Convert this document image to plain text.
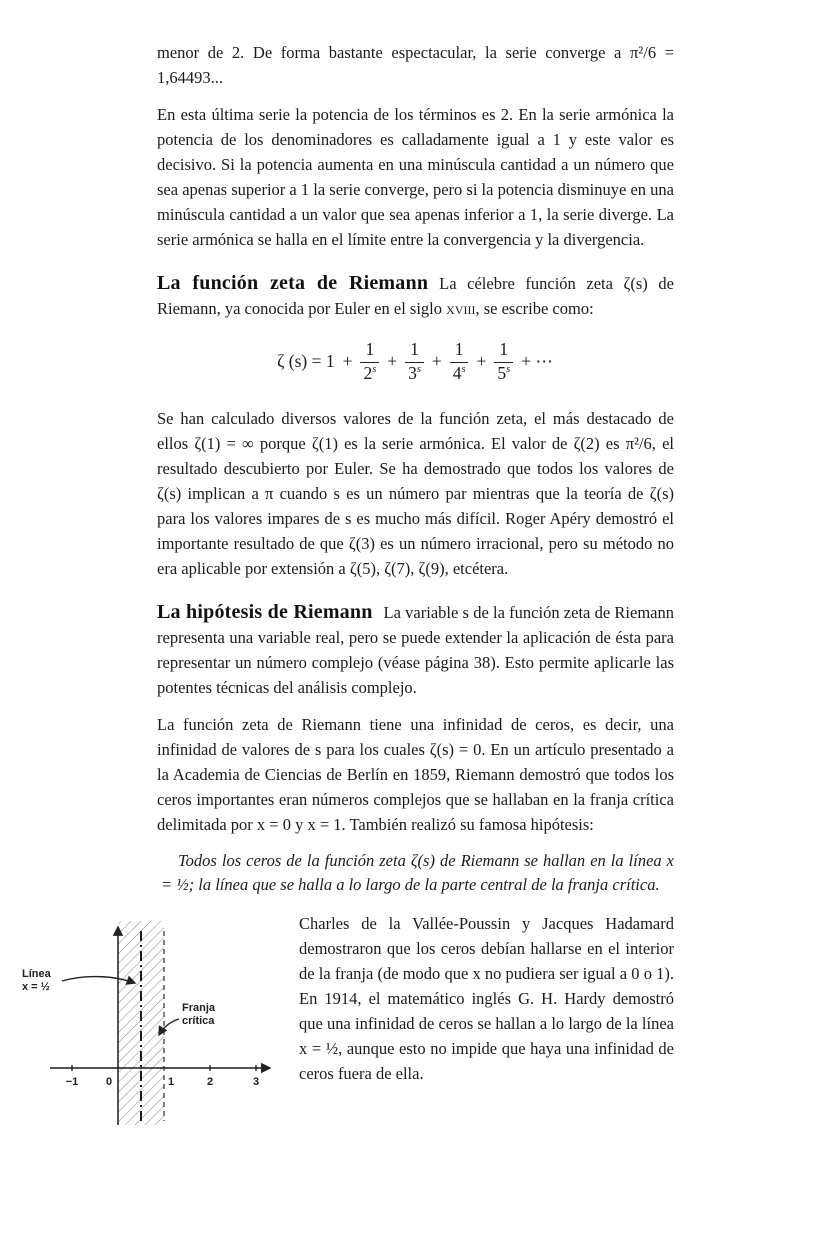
menor de 2. De forma bastante espectacular, la serie converge a π²/6 = 1,64493...

En esta última serie la potencia de los términos es 2. En la serie armónica la potencia de los denominadores es calladamente igual a 1 y este valor es decisivo. Si la potencia aumenta en una minúscula cantidad a un número que sea apenas superior a 1 la serie converge, pero si la potencia disminuye en una minúscula cantidad a un valor que sea apenas inferior a 1, la serie diverge. La serie armónica se halla en el límite entre la convergencia y la divergencia.

La función zeta de Riemann La célebre función zeta ζ(s) de Riemann, ya conocida por Euler en el siglo xviii, se escribe como:

ζ $(s) = 1 + \frac{1}{2^s} + \frac{1}{3^s} + \frac{1}{4^s} + \frac{1}{5^s}$ + ⋯

Se han calculado diversos valores de la función zeta, el más destacado de ellos ζ(1) = ∞ porque ζ(1) es la serie armónica. El valor de ζ(2) es π²/6, el resultado descubierto por Euler. Se ha demostrado que todos los valores de ζ(s) implican a π cuando s es un número par mientras que la teoría de ζ(s) para los valores impares de s es mucho más difícil. Roger Apéry demostró el importante resultado de que ζ(3) es un número irracional, pero su método no era aplicable por extensión a ζ(5), ζ(7), ζ(9), etcétera.

La hipótesis de Riemann La variable s de la función zeta de Riemann representa una variable real, pero se puede extender la aplicación de ésta para representar un número complejo (véase página 38). Esto permite aplicarle las potentes técnicas del análisis complejo.

La función zeta de Riemann tiene una infinidad de ceros, es decir, una infinidad de valores de s para los cuales ζ(s) = 0. En un artículo presentado a la Academia de Ciencias de Berlín en 1859, Riemann demostró que todos los ceros importantes eran números complejos que se hallaban en la franja crítica delimitada por x = 0 y x = 1. También realizó su famosa hipótesis:

Todos los ceros de la función zeta ζ(s) de Riemann se hallan en la línea x = ½; la línea que se halla a lo largo de la parte central de la franja crítica.

−1	0	1	2	3
Línea x = ½
Franja crítica

Charles de la Vallée-Poussin y Jacques Hadamard demostraron que los ceros debían hallarse en el interior de la franja (de modo que x no pudiera ser igual a 0 o 1). En 1914, el matemático inglés G. H. Hardy demostró que una infinidad de ceros se hallan a lo largo de la línea x = ½, aunque esto no impide que haya una infinidad de ceros fuera de ella.
